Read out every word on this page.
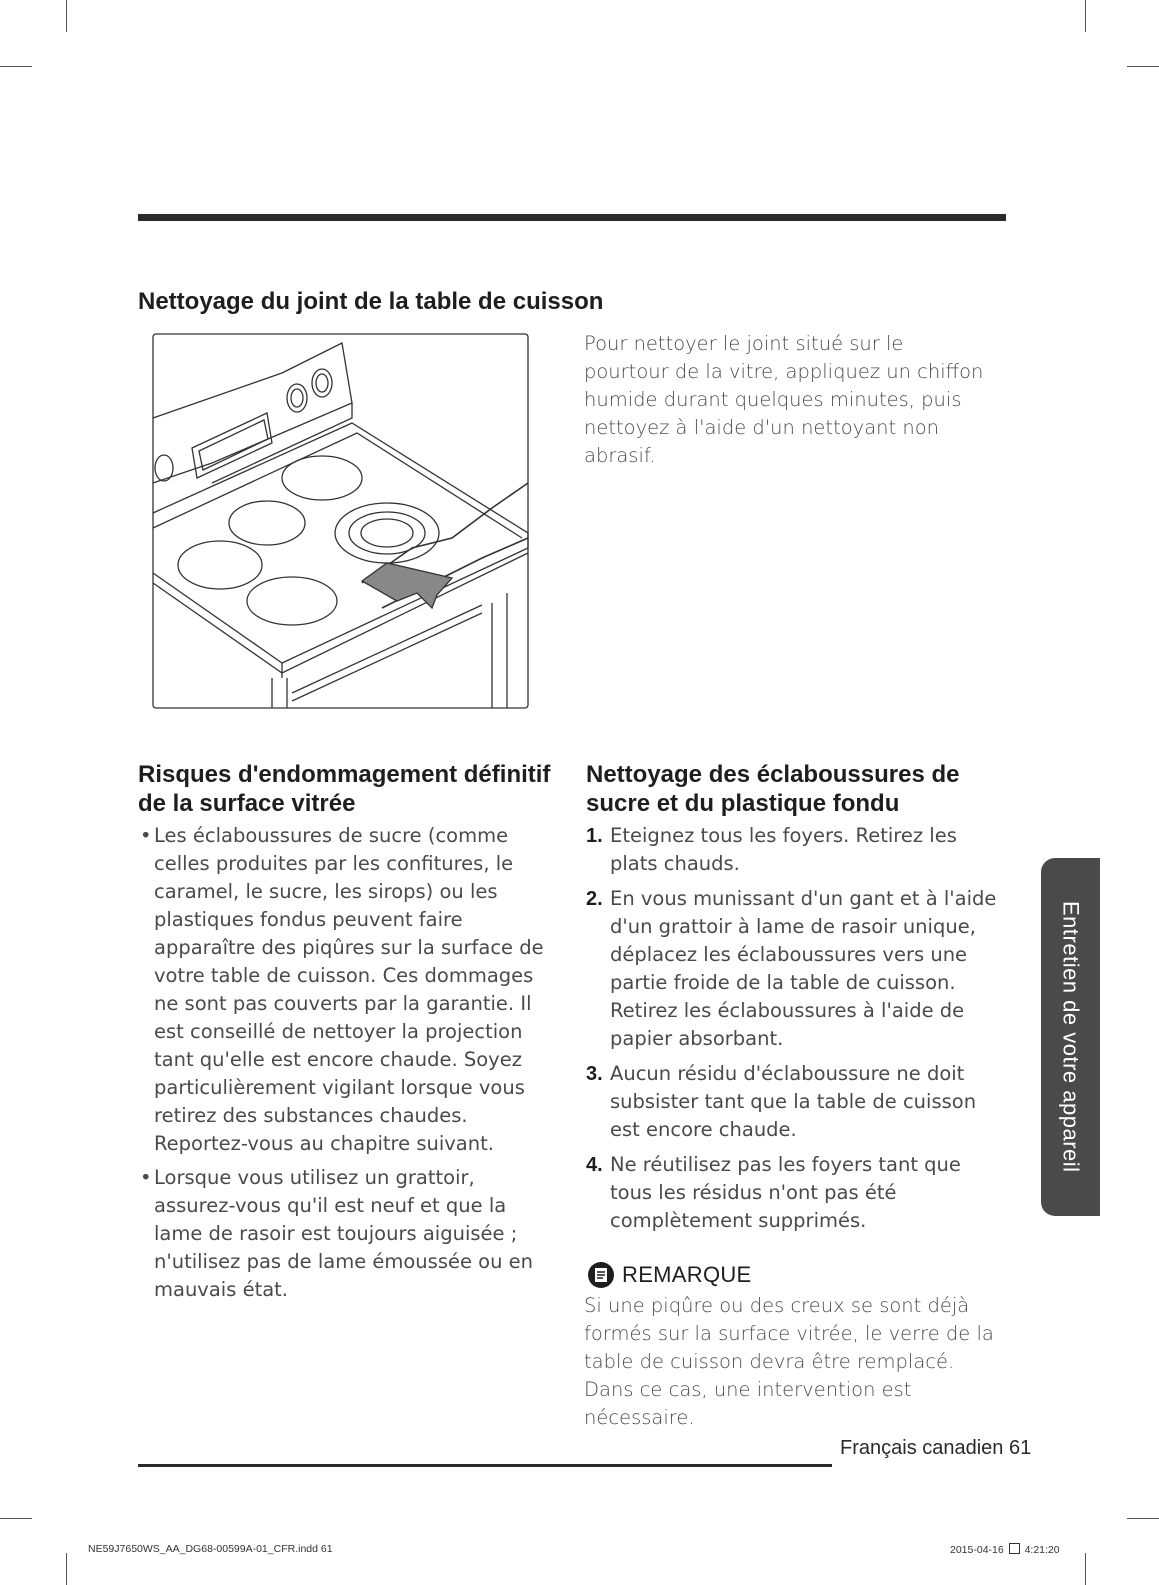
Nettoyage du joint de la table de cuisson

Pour nettoyer le joint situé sur le pourtour de la vitre, appliquez un chiffon humide durant quelques minutes, puis nettoyez à l'aide d'un nettoyant non abrasif.

Risques d'endommagement définitif
de la surface vitrée
• Les éclaboussures de sucre (comme celles produites par les confitures, le caramel, le sucre, les sirops) ou les plastiques fondus peuvent faire apparaître des piqûres sur la surface de votre table de cuisson. Ces dommages ne sont pas couverts par la garantie. Il est conseillé de nettoyer la projection tant qu'elle est encore chaude. Soyez particulièrement vigilant lorsque vous retirez des substances chaudes. Reportez-vous au chapitre suivant.
• Lorsque vous utilisez un grattoir, assurez-vous qu'il est neuf et que la lame de rasoir est toujours aiguisée ; n'utilisez pas de lame émoussée ou en mauvais état.
Nettoyage des éclaboussures de
sucre et du plastique fondu
1. Eteignez tous les foyers. Retirez les plats chauds.
2. En vous munissant d'un gant et à l'aide d'un grattoir à lame de rasoir unique, déplacez les éclaboussures vers une partie froide de la table de cuisson. Retirez les éclaboussures à l'aide de papier absorbant.
3. Aucun résidu d'éclaboussure ne doit subsister tant que la table de cuisson est encore chaude.
4. Ne réutilisez pas les foyers tant que tous les résidus n'ont pas été complètement supprimés.
REMARQUE

Si une piqûre ou des creux se sont déjà formés sur la surface vitrée, le verre de la table de cuisson devra être remplacé. Dans ce cas, une intervention est nécessaire.

Entretien de votre appareil
Français canadien 61
NE59J7650WS_AA_DG68-00599A-01_CFR.indd 61	2015-04-16 4:21:20
